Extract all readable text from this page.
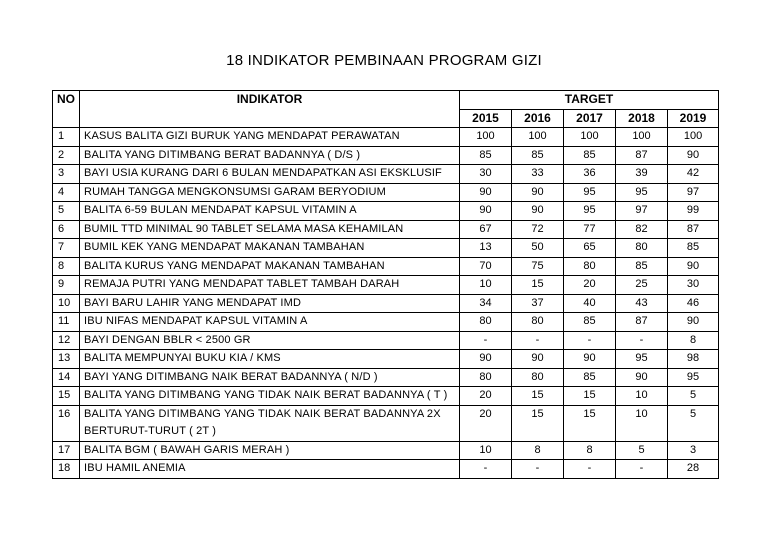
18 INDIKATOR PEMBINAAN PROGRAM GIZI
NO	INDIKATOR	TARGET				
		2015	2016	2017	2018	2019
1	KASUS BALITA GIZI BURUK YANG MENDAPAT PERAWATAN	100	100	100	100	100
2	BALITA YANG DITIMBANG BERAT BADANNYA ( D/S )	85	85	85	87	90
3	BAYI USIA KURANG DARI 6 BULAN MENDAPATKAN ASI EKSKLUSIF	30	33	36	39	42
4	RUMAH TANGGA MENGKONSUMSI GARAM BERYODIUM	90	90	95	95	97
5	BALITA 6-59 BULAN MENDAPAT KAPSUL VITAMIN A	90	90	95	97	99
6	BUMIL TTD MINIMAL 90 TABLET SELAMA MASA KEHAMILAN	67	72	77	82	87
7	BUMIL KEK YANG MENDAPAT MAKANAN TAMBAHAN	13	50	65	80	85
8	BALITA KURUS YANG MENDAPAT MAKANAN TAMBAHAN	70	75	80	85	90
9	REMAJA PUTRI YANG MENDAPAT TABLET TAMBAH DARAH	10	15	20	25	30
10	BAYI BARU LAHIR YANG MENDAPAT IMD	34	37	40	43	46
11	IBU NIFAS MENDAPAT KAPSUL VITAMIN A	80	80	85	87	90
12	BAYI DENGAN BBLR < 2500 GR	-	-	-	-	8
13	BALITA MEMPUNYAI BUKU KIA / KMS	90	90	90	95	98
14	BAYI YANG DITIMBANG NAIK BERAT BADANNYA ( N/D )	80	80	85	90	95
15	BALITA YANG DITIMBANG YANG TIDAK NAIK BERAT BADANNYA ( T )	20	15	15	10	5
16	BALITA YANG DITIMBANG YANG TIDAK NAIK BERAT BADANNYA 2X BERTURUT-TURUT ( 2T )	20	15	15	10	5
17	BALITA BGM ( BAWAH GARIS MERAH )	10	8	8	5	3
18	IBU HAMIL ANEMIA	-	-	-	-	28
